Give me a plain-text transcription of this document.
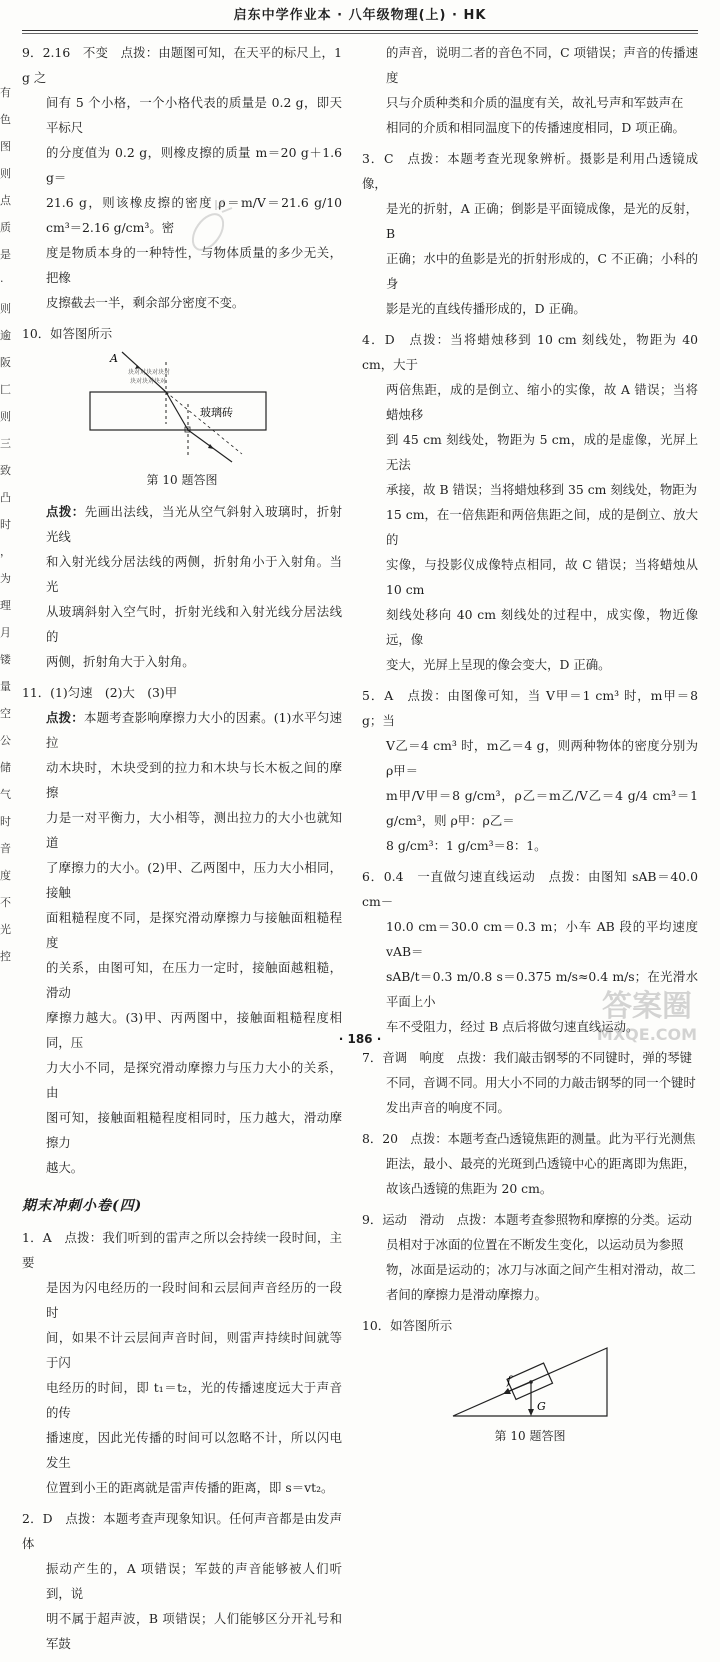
启东中学作业本 · 八年级物理(上) · HK
有
色
图
则
点
质
是
·
则
逾
阪
匚
则
三
致
凸
时
，
为
理
月
镂
量
空
公
储
气
时
音
度
不
光
控
9．2.16　不变　点拨：由题图可知，在天平的标尺上，1 g 之
间有 5 个小格，一个小格代表的质量是 0.2 g，即天平标尺
的分度值为 0.2 g，则橡皮擦的质量 m＝20 g＋1.6 g＝
21.6 g，则该橡皮擦的密度 ρ＝m/V＝21.6 g/10 cm³＝2.16 g/cm³。密
度是物质本身的一种特性，与物体质量的多少无关，把橡
皮擦截去一半，剩余部分密度不变。
10．如答图所示
A
玻璃砖
块对对块对块对
块对块对块对
第 10 题答图
点拨：先画出法线，当光从空气斜射入玻璃时，折射光线
和入射光线分居法线的两侧，折射角小于入射角。当光
从玻璃斜射入空气时，折射光线和入射光线分居法线的
两侧，折射角大于入射角。
11．(1)匀速　(2)大　(3)甲
点拨：本题考查影响摩擦力大小的因素。(1)水平匀速拉
动木块时，木块受到的拉力和木块与长木板之间的摩擦
力是一对平衡力，大小相等，测出拉力的大小也就知道
了摩擦力的大小。(2)甲、乙两图中，压力大小相同，接触
面粗糙程度不同，是探究滑动摩擦力与接触面粗糙程度
的关系，由图可知，在压力一定时，接触面越粗糙，滑动
摩擦力越大。(3)甲、丙两图中，接触面粗糙程度相同，压
力大小不同，是探究滑动摩擦力与压力大小的关系，由
图可知，接触面粗糙程度相同时，压力越大，滑动摩擦力
越大。
期末冲刺小卷(四)
1．A　点拨：我们听到的雷声之所以会持续一段时间，主要
是因为闪电经历的一段时间和云层间声音经历的一段时
间，如果不计云层间声音时间，则雷声持续时间就等于闪
电经历的时间，即 t₁＝t₂，光的传播速度远大于声音的传
播速度，因此光传播的时间可以忽略不计，所以闪电发生
位置到小王的距离就是雷声传播的距离，即 s＝vt₂。
2．D　点拨：本题考查声现象知识。任何声音都是由发声体
振动产生的，A 项错误；军鼓的声音能够被人们听到，说
明不属于超声波，B 项错误；人们能够区分开礼号和军鼓
的声音，说明二者的音色不同，C 项错误；声音的传播速度
只与介质种类和介质的温度有关，故礼号声和军鼓声在
相同的介质和相同温度下的传播速度相同，D 项正确。
3．C　点拨：本题考查光现象辨析。摄影是利用凸透镜成像，
是光的折射，A 正确；倒影是平面镜成像，是光的反射，B
正确；水中的鱼影是光的折射形成的，C 不正确；小科的身
影是光的直线传播形成的，D 正确。
4．D　点拨：当将蜡烛移到 10 cm 刻线处，物距为 40 cm，大于
两倍焦距，成的是倒立、缩小的实像，故 A 错误；当将蜡烛移
到 45 cm 刻线处，物距为 5 cm，成的是虚像，光屏上无法
承接，故 B 错误；当将蜡烛移到 35 cm 刻线处，物距为
15 cm，在一倍焦距和两倍焦距之间，成的是倒立、放大的
实像，与投影仪成像特点相同，故 C 错误；当将蜡烛从 10 cm
刻线处移向 40 cm 刻线处的过程中，成实像，物近像远，像
变大，光屏上呈现的像会变大，D 正确。
5．A　点拨：由图像可知，当 V甲＝1 cm³ 时，m甲＝8 g；当
V乙＝4 cm³ 时，m乙＝4 g，则两种物体的密度分别为 ρ甲＝
m甲/V甲＝8 g/cm³，ρ乙＝m乙/V乙＝4 g/4 cm³＝1 g/cm³，则 ρ甲：ρ乙＝
8 g/cm³：1 g/cm³＝8：1。
6．0.4　一直做匀速直线运动　点拨：由图知 sAB＝40.0 cm－
10.0 cm＝30.0 cm＝0.3 m；小车 AB 段的平均速度 vAB＝
sAB/t＝0.3 m/0.8 s＝0.375 m/s≈0.4 m/s；在光滑水平面上小
车不受阻力，经过 B 点后将做匀速直线运动。
7．音调　响度　点拨：我们敲击钢琴的不同键时，弹的琴键
不同，音调不同。用大小不同的力敲击钢琴的同一个键时
发出声音的响度不同。
8．20　点拨：本题考查凸透镜焦距的测量。此为平行光测焦
距法，最小、最亮的光斑到凸透镜中心的距离即为焦距，
故该凸透镜的焦距为 20 cm。
9．运动　滑动　点拨：本题考查参照物和摩擦的分类。运动
员相对于冰面的位置在不断发生变化，以运动员为参照
物，冰面是运动的；冰刀与冰面之间产生相对滑动，故二
者间的摩擦力是滑动摩擦力。
10．如答图所示
f
G
第 10 题答图
· 186 ·
答案圈
MXQE.COM
